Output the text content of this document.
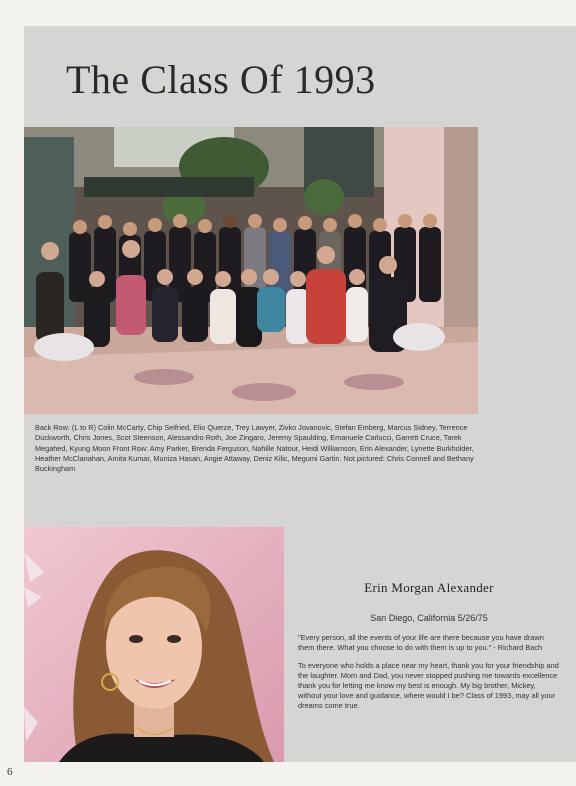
The Class Of 1993

Back Row: (L to R) Colin McCarty, Chip Seifried, Elio Querze, Trey Lawyer, Zivko Jovanovic, Stefan Emberg, Marcus Sidney, Terrence Duckworth, Chris Jones, Scot Steenson, Alessandro Roth, Joe Zingaro, Jeremy Spaulding, Emanuele Carlucci, Garrett Cruce, Tarek Megahed, Kyung Moon Front Row: Amy Parker, Brenda Ferguson, Nahille Natour, Heidi Williamson, Erin Alexander, Lynette Burkholder, Heather McClanahan, Amita Kumar, Muniza Hasan, Angie Attaway, Deniz Kilic, Megumi Gartin. Not pictured: Chris Connell and Bethany Buckingham

Erin Morgan Alexander

San Diego, California 5/26/75

"Every person, all the events of your life are there because you have drawn them there. What you choose to do with them is up to you." - Richard Bach

To everyone who holds a place near my heart, thank you for your friendship and the laughter. Mom and Dad, you never stopped pushing me towards excellence thank you for letting me know my best is enough. My big brother, Mickey, without your love and guidance, where would I be? Class of 1993, may all your dreams come true.

6
